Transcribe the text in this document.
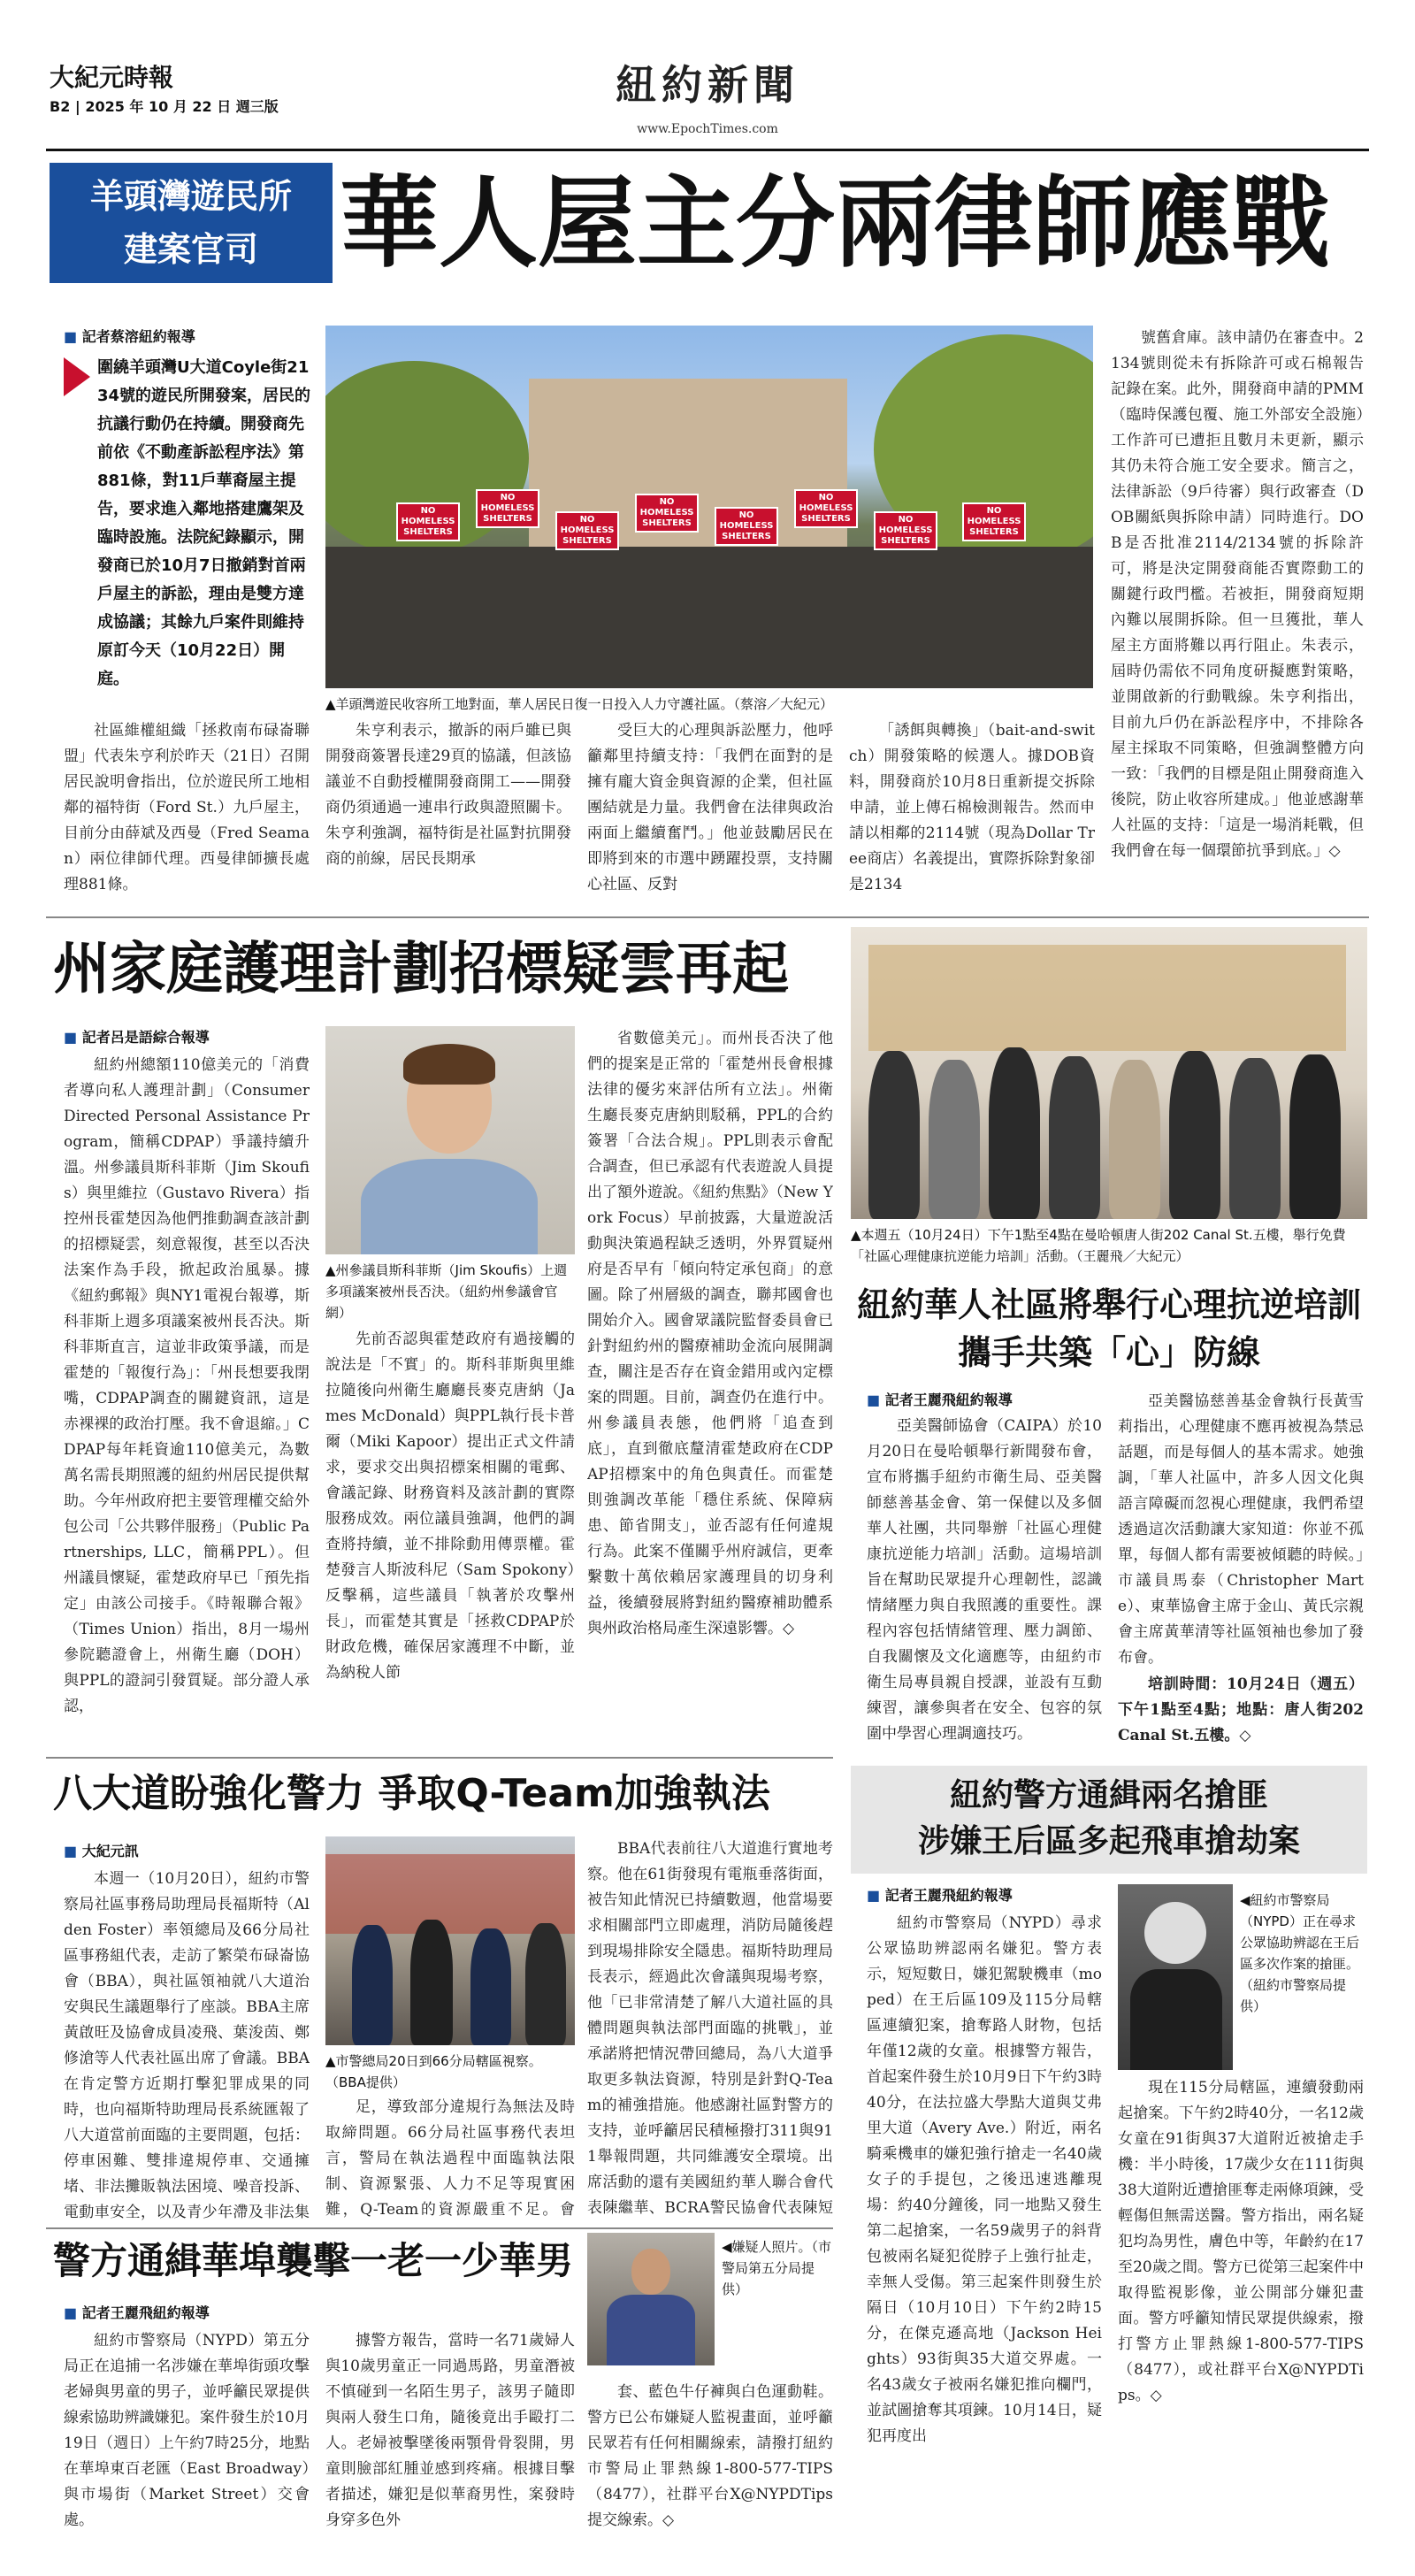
大紀元時報
B2 | 2025 年 10 月 22 日 週三版	紐約新聞
www.EpochTimes.com
羊頭灣遊民所
建案官司 華人屋主分兩律師應戰
■ 記者蔡溶紐約報導
圍繞羊頭灣U大道Coyle街2134號的遊民所開發案，居民的抗議行動仍在持續。開發商先前依《不動產訴訟程序法》第881條，對11戶華裔屋主提告，要求進入鄰地搭建鷹架及臨時設施。法院紀錄顯示，開發商已於10月7日撤銷對首兩戶屋主的訴訟，理由是雙方達成協議；其餘九戶案件則維持原訂今天（10月22日）開庭。
NO HOMELESS SHELTERS
NO HOMELESS SHELTERS	NO HOMELESS SHELTERS
NO HOMELESS SHELTERS
NO HOMELESS SHELTERS
NO HOMELESS SHELTERS	NO HOMELESS SHELTERS
NO HOMELESS SHELTERS
▲羊頭灣遊民收容所工地對面，華人居民日復一日投入人力守護社區。（蔡溶／大紀元）

社區維權組織「拯救南布碌崙聯盟」代表朱亨利於昨天（21日）召開居民說明會指出，位於遊民所工地相鄰的福特街（Ford St.）九戶屋主，目前分由薛斌及西曼（Fred Seaman）兩位律師代理。西曼律師擴長處理881條。

朱亨利表示，撤訴的兩戶雖已與開發商簽署長達29頁的協議，但該協議並不自動授權開發商開工——開發商仍須通過一連串行政與證照關卡。朱亨利強調，福特街是社區對抗開發商的前線，居民長期承

受巨大的心理與訴訟壓力，他呼籲鄰里持續支持：「我們在面對的是擁有龐大資金與資源的企業，但社區團結就是力量。我們會在法律與政治兩面上繼續奮鬥。」他並鼓勵居民在即將到來的市選中踴躍投票，支持關心社區、反對

「誘餌與轉換」（bait-and-switch）開發策略的候選人。據DOB資料，開發商於10月8日重新提交拆除申請，並上傳石棉檢測報告。然而申請以相鄰的2114號（現為Dollar Tree商店）名義提出，實際拆除對象卻是2134

號舊倉庫。該申請仍在審查中。2134號則從未有拆除許可或石棉報告記錄在案。此外，開發商申請的PMM（臨時保護包覆、施工外部安全設施）工作許可已遭拒且數月未更新，顯示其仍未符合施工安全要求。簡言之，法律訴訟（9戶待審）與行政審查（DOB關紙與拆除申請）同時進行。DOB是否批准2114/2134號的拆除許可，將是決定開發商能否實際動工的關鍵行政門檻。若被拒，開發商短期內難以展開拆除。但一旦獲批，華人屋主方面將難以再行阻止。朱表示，屆時仍需依不同角度研擬應對策略，並開啟新的行動戰線。朱亨利指出，目前九戶仍在訴訟程序中，不排除各屋主採取不同策略，但強調整體方向一致：「我們的目標是阻止開發商進入後院，防止收容所建成。」他並感謝華人社區的支持：「這是一場消耗戰，但我們會在每一個環節抗爭到底。」◇

州家庭護理計劃招標疑雲再起
■ 記者呂是語綜合報導
▲州參議員斯科菲斯（Jim Skoufis）上週多項議案被州長否決。（紐約州參議會官網）

紐約州總額110億美元的「消費者導向私人護理計劃」（Consumer Directed Personal Assistance Program，簡稱CDPAP）爭議持續升溫。州參議員斯科菲斯（Jim Skoufis）與里維拉（Gustavo Rivera）指控州長霍楚因為他們推動調查該計劃的招標疑雲，刻意報復，甚至以否決法案作為手段，掀起政治風暴。據《紐約郵報》與NY1電視台報導，斯科菲斯上週多項議案被州長否決。斯科菲斯直言，這並非政策爭議，而是霍楚的「報復行為」：「州長想要我閉嘴，CDPAP調查的關鍵資訊，這是赤裸裸的政治打壓。我不會退縮。」CDPAP每年耗資逾110億美元，為數萬名需長期照護的紐約州居民提供幫助。今年州政府把主要管理權交給外包公司「公共夥伴服務」（Public Partnerships, LLC，簡稱PPL）。但州議員懷疑，霍楚政府早已「預先指定」由該公司接手。《時報聯合報》（Times Union）指出，8月一場州參院聽證會上，州衛生廳（DOH）與PPL的證詞引發質疑。部分證人承認，

先前否認與霍楚政府有過接觸的說法是「不實」的。斯科菲斯與里維拉隨後向州衛生廳廳長麥克唐納（James McDonald）與PPL執行長卡普爾（Miki Kapoor）提出正式文件請求，要求交出與招標案相關的電郵、會議記錄、財務資料及該計劃的實際服務成效。兩位議員強調，他們的調查將持續，並不排除動用傳票權。霍楚發言人斯波科尼（Sam Spokony）反擊稱，這些議員「執著於攻擊州長」，而霍楚其實是「拯救CDPAP於財政危機，確保居家護理不中斷，並為納稅人節

省數億美元」。而州長否決了他們的提案是正常的「霍楚州長會根據法律的優劣來評估所有立法」。州衛生廳長麥克唐納則駁稱，PPL的合約簽署「合法合規」。PPL則表示會配合調查，但已承認有代表遊說人員提出了額外遊說。《紐約焦點》（New York Focus）早前披露，大量遊說活動與決策過程缺乏透明，外界質疑州府是否早有「傾向特定承包商」的意圖。除了州層級的調查，聯邦國會也開始介入。國會眾議院監督委員會已針對紐約州的醫療補助金流向展開調查，關注是否存在資金錯用或內定標案的問題。目前，調查仍在進行中。州參議員表態，他們將「追查到底」，直到徹底釐清霍楚政府在CDPAP招標案中的角色與責任。而霍楚則強調改革能「穩住系統、保障病患、節省開支」，並否認有任何違規行為。此案不僅關乎州府誠信，更牽繫數十萬依賴居家護理員的切身利益，後續發展將對紐約醫療補助體系與州政治格局產生深遠影響。◇

▲本週五（10月24日）下午1點至4點在曼哈頓唐人街202 Canal St.五樓，舉行免費「社區心理健康抗逆能力培訓」活動。（王麗飛／大紀元）
紐約華人社區將舉行心理抗逆培訓
攜手共築「心」防線
■ 記者王麗飛紐約報導

亞美醫師協會（CAIPA）於10月20日在曼哈頓舉行新聞發布會，宣布將攜手紐約市衛生局、亞美醫師慈善基金會、第一保健以及多個華人社團，共同舉辦「社區心理健康抗逆能力培訓」活動。這場培訓旨在幫助民眾提升心理韌性，認識情緒壓力與自我照護的重要性。課程內容包括情緒管理、壓力調節、自我關懷及文化適應等，由紐約市衛生局專員親自授課，並設有互動練習，讓參與者在安全、包容的氛圍中學習心理調適技巧。

亞美醫協慈善基金會執行長黃雪莉指出，心理健康不應再被視為禁忌話題，而是每個人的基本需求。她強調，「華人社區中，許多人因文化與語言障礙而忽視心理健康，我們希望透過這次活動讓大家知道：你並不孤單，每個人都有需要被傾聽的時候。」市議員馬泰（Christopher Marte）、東華協會主席于金山、黃氏宗親會主席黃華清等社區領袖也參加了發布會。

培訓時間：10月24日（週五）下午1點至4點；地點：唐人街202 Canal St.五樓。◇

八大道盼強化警力 爭取Q-Team加強執法
■ 大紀元訊
▲市警總局20日到66分局轄區視察。（BBA提供）

本週一（10月20日），紐約市警察局社區事務局助理局長福斯特（Alden Foster）率領總局及66分局社區事務組代表，走訪了繁榮布碌崙協會（BBA），與社區領袖就八大道治安與民生議題舉行了座談。BBA主席黃啟旺及協會成員凌飛、葉浚茵、鄭修滄等人代表社區出席了會議。BBA在肯定警方近期打擊犯罪成果的同時，也向福斯特助理局長系統匯報了八大道當前面臨的主要問題，包括：停車困難、雙排違規停車、交通擁堵、非法攤販執法困境、噪音投訴、電動車安全，以及青少年滯及非法集

足，導致部分違規行為無法及時取締問題。66分局社區事務代表坦言，警局在執法過程中面臨執法限制、資源緊張、人力不足等現實困難，Q-Team的資源嚴重不足。會

BBA代表前往八大道進行實地考察。他在61街發現有電瓶垂落街面，被告知此情況已持續數週，他當場要求相關部門立即處理，消防局隨後趕到現場排除安全隱患。福斯特助理局長表示，經過此次會議與現場考察，他「已非常清楚了解八大道社區的具體問題與執法部門面臨的挑戰」，並承諾將把情況帶回總局，為八大道爭取更多執法資源，特別是針對Q-Team的補強措施。他感謝社區對警方的支持，並呼籲居民積極撥打311與911舉報問題，共同維護安全環境。出席活動的還有美國紐約華人聯合會代表陳繼華、BCRA警民協會代表陳短

紐約警方通緝兩名搶匪
涉嫌王后區多起飛車搶劫案
■ 記者王麗飛紐約報導	◀紐約市警察局（NYPD）正在尋求公眾協助辨認在王后區多次作案的搶匪。（紐約市警察局提供）

紐約市警察局（NYPD）尋求公眾協助辨認兩名嫌犯。警方表示，短短數日，嫌犯駕駛機車（moped）在王后區109及115分局轄區連續犯案，搶奪路人財物，包括年僅12歲的女童。根據警方報告，首起案件發生於10月9日下午約3時40分，在法拉盛大學點大道與艾弗里大道（Avery Ave.）附近，兩名騎乘機車的嫌犯強行搶走一名40歲女子的手提包，之後迅速逃離現場：約40分鐘後，同一地點又發生第二起搶案，一名59歲男子的斜背包被兩名疑犯從脖子上強行扯走，幸無人受傷。第三起案件則發生於隔日（10月10日）下午約2時15分，在傑克遜高地（Jackson Heights）93街與35大道交界處。一名43歲女子被兩名嫌犯推向欄門，並試圖搶奪其項鍊。10月14日，疑犯再度出

現在115分局轄區，連續發動兩起搶案。下午約2時40分，一名12歲女童在91街與37大道附近被搶走手機：半小時後，17歲少女在111街與38大道附近遭搶匪奪走兩條項鍊，受輕傷但無需送醫。警方指出，兩名疑犯均為男性，膚色中等，年齡約在17至20歲之間。警方已從第三起案件中取得監視影像，並公開部分嫌犯畫面。警方呼籲知情民眾提供線索，撥打警方止罪熱線1-800-577-TIPS（8477），或社群平台X@NYPDTips。◇

警方通緝華埠襲擊一老一少華男
■ 記者王麗飛紐約報導
◀嫌疑人照片。（市警局第五分局提供）

紐約市警察局（NYPD）第五分局正在追捕一名涉嫌在華埠街頭攻擊老婦與男童的男子，並呼籲民眾提供線索協助辨識嫌犯。案件發生於10月19日（週日）上午約7時25分，地點在華埠東百老匯（East Broadway）與市場街（Market Street）交會處。

據警方報告，當時一名71歲婦人與10歲男童正一同過馬路，男童潛被不慎碰到一名陌生男子，該男子隨即與兩人發生口角，隨後竟出手毆打二人。老婦被擊墜後兩顎骨骨裂開，男童則臉部紅腫並感到疼痛。根據目擊者描述，嫌犯是似華裔男性，案發時身穿多色外

套、藍色牛仔褲與白色運動鞋。警方已公布嫌疑人監視畫面，並呼籲民眾若有任何相關線索，請撥打紐約市警局止罪熱線1-800-577-TIPS（8477），社群平台X@NYPDTips提交線索。◇
